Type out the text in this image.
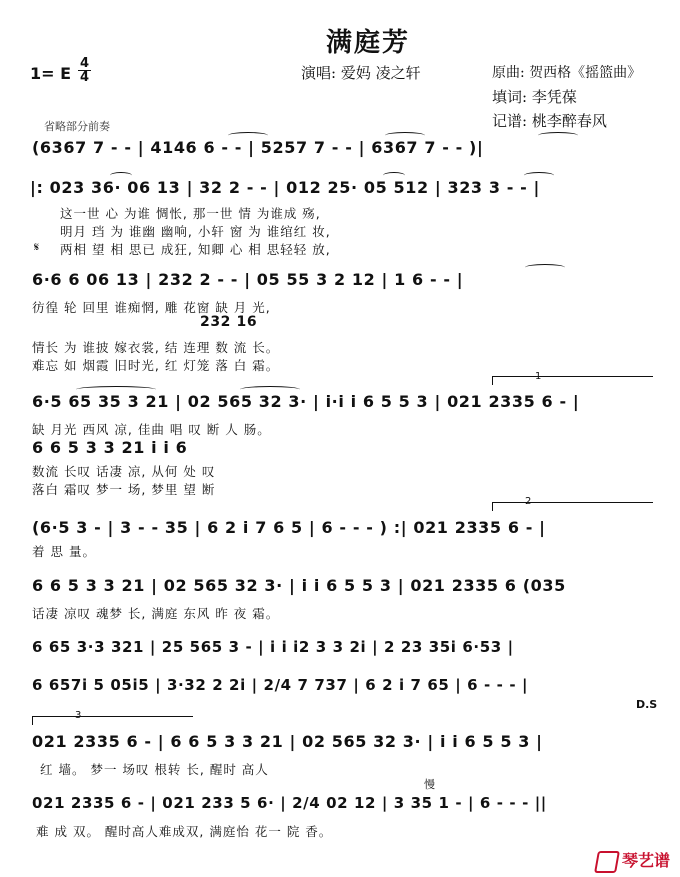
满庭芳
1= E $\frac{4}{4}$	演唱: 爱妈 凌之轩	原曲: 贺西格《摇篮曲》
填词: 李凭葆
记谱: 桃李醉春风
省略部分前奏
(6367 7 - - | 4146 6 - - | 5257 7 - - | 6367 7 - - )|
|: 023 36· 06 13 | 32 2 - - | 012 25· 05 512 | 323 3 - - |
这一世 心 为谁 惆怅, 那一世 情 为谁成 殇,
明月 珰 为 谁幽 幽响, 小轩 窗 为 谁绾红 妆,
两相 望 相 思已 成狂, 知卿 心 相 思轻轻 放,
𝄋
6·6 6 06 13 | 232 2 - - | 05 55 3 2 12 | 1 6 - - |
彷徨 轮 回里 谁痴惘, 雕 花窗 缺 月 光,
232 16
情长 为 谁披 嫁衣裳, 结 连理 数 流 长。
难忘 如 烟霞 旧时光, 红 灯笼 落 白 霜。
1
6·5 65 35 3 21 | 02 565 32 3· | i·i i 6 5 5 3 | 021 2335 6 - |
缺 月光 西风 凉, 佳曲 唱 叹 断 人 肠。
6 6 5 3 3 21 i i 6
数流 长叹 话凄 凉, 从何 处 叹
落白 霜叹 梦一 场, 梦里 望 断
2
(6·5 3 - | 3 - - 35 | 6 2 i 7 6 5 | 6 - - - ) :| 021 2335 6 - |
着 思 量。
6 6 5 3 3 21 | 02 565 32 3· | i i 6 5 5 3 | 021 2335 6 (035
话凄 凉叹 魂梦 长, 满庭 东风 昨 夜 霜。
6 65 3·3 321 | 25 565 3 - | i i i2 3 3 2i | 2 23 35i 6·53 |
6 657i 5 05i5 | 3·32 2 2i | 2/4 7 737 | 6 2 i 7 65 | 6 - - - |
D.S
3
021 2335 6 - | 6 6 5 3 3 21 | 02 565 32 3· | i i 6 5 5 3 |
红 墙。 梦一 场叹 根转 长, 醒时 高人
慢
021 2335 6 - | 021 233 5 6· | 2/4 02 12 | 3 35 1 - | 6 - - - ||
难 成 双。 醒时高人难成双, 满庭怡 花一 院 香。
琴艺谱
